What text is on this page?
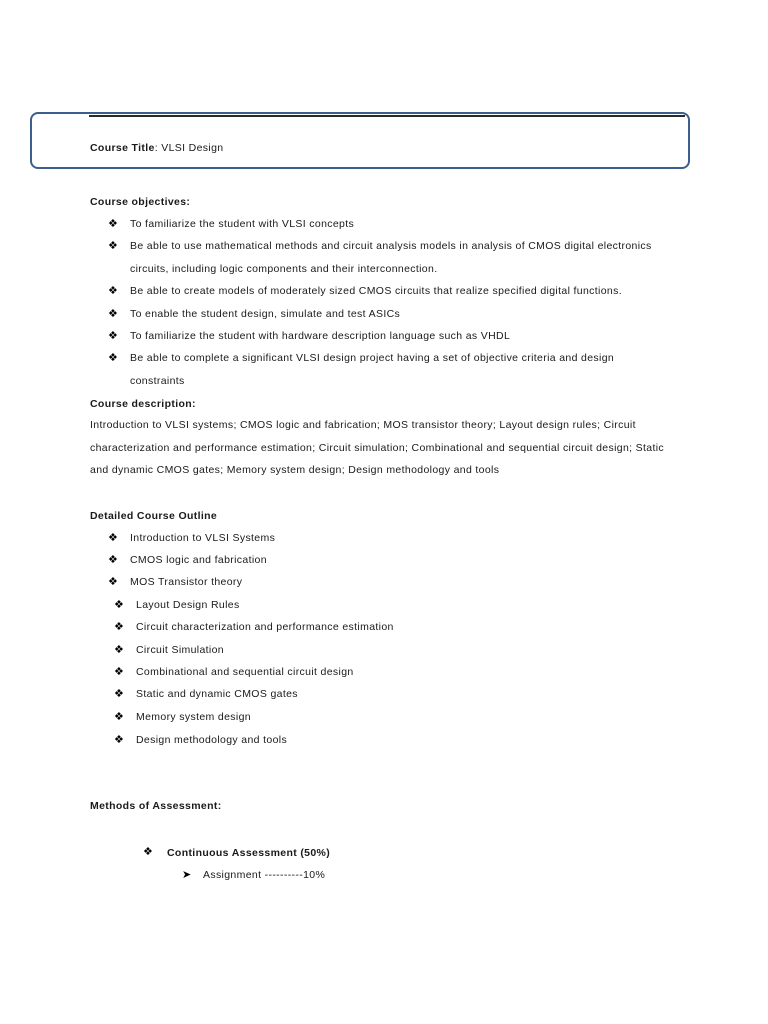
Course Title: VLSI Design
Course objectives:
❖	To familiarize the student with VLSI concepts
❖	Be able to use mathematical methods and circuit analysis models in analysis of CMOS digital electronics
circuits, including logic components and their interconnection.
❖	Be able to create models of moderately sized CMOS circuits that realize specified digital functions.
❖	To enable the student design, simulate and test ASICs
❖	To familiarize the student with hardware description language such as VHDL
❖	Be able to complete a significant VLSI design project having a set of objective criteria and design
constraints
Course description:
Introduction to VLSI systems; CMOS logic and fabrication; MOS transistor theory; Layout design rules; Circuit
characterization and performance estimation; Circuit simulation; Combinational and sequential circuit design; Static
and dynamic CMOS gates; Memory system design; Design methodology and tools
Detailed Course Outline
❖	Introduction to VLSI Systems
❖	CMOS logic and fabrication
❖	MOS Transistor theory
❖	Layout Design Rules
❖	Circuit characterization and performance estimation
❖	Circuit Simulation
❖	Combinational and sequential circuit design
❖	Static and dynamic CMOS gates
❖	Memory system design
❖	Design methodology and tools
Methods of Assessment:
❖	Continuous Assessment (50%)
➤	Assignment ----------10%
